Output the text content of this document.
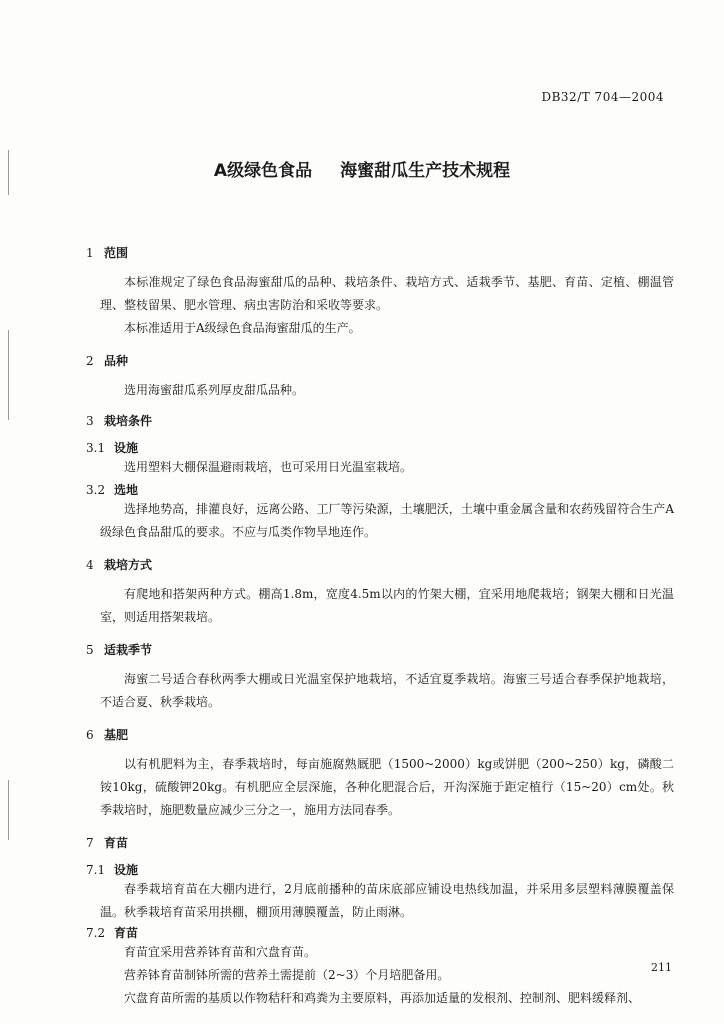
DB32/T 704—2004
A级绿色食品 海蜜甜瓜生产技术规程

1 范围

本标准规定了绿色食品海蜜甜瓜的品种、栽培条件、栽培方式、适栽季节、基肥、育苗、定植、棚温管理、整枝留果、肥水管理、病虫害防治和采收等要求。

本标准适用于A级绿色食品海蜜甜瓜的生产。

2 品种

选用海蜜甜瓜系列厚皮甜瓜品种。

3 栽培条件

3.1 设施

选用塑料大棚保温避雨栽培，也可采用日光温室栽培。

3.2 选地

选择地势高，排灌良好，远离公路、工厂等污染源，土壤肥沃，土壤中重金属含量和农药残留符合生产A级绿色食品甜瓜的要求。不应与瓜类作物旱地连作。

4 栽培方式

有爬地和搭架两种方式。棚高1.8m，宽度4.5m以内的竹架大棚，宜采用地爬栽培；钢架大棚和日光温室，则适用搭架栽培。

5 适栽季节

海蜜二号适合春秋两季大棚或日光温室保护地栽培，不适宜夏季栽培。海蜜三号适合春季保护地栽培，不适合夏、秋季栽培。

6 基肥

以有机肥料为主，春季栽培时，每亩施腐熟厩肥（1500~2000）kg或饼肥（200~250）kg，磷酸二铵10kg，硫酸钾20kg。有机肥应全层深施，各种化肥混合后，开沟深施于距定植行（15~20）cm处。秋季栽培时，施肥数量应减少三分之一，施用方法同春季。

7 育苗

7.1 设施

春季栽培育苗在大棚内进行，2月底前播种的苗床底部应铺设电热线加温，并采用多层塑料薄膜覆盖保温。秋季栽培育苗采用拱棚，棚顶用薄膜覆盖，防止雨淋。

7.2 育苗

育苗宜采用营养钵育苗和穴盘育苗。

营养钵育苗制钵所需的营养土需提前（2~3）个月培肥备用。

穴盘育苗所需的基质以作物秸秆和鸡粪为主要原料，再添加适量的发根剂、控制剂、肥料缓释剂、

211
